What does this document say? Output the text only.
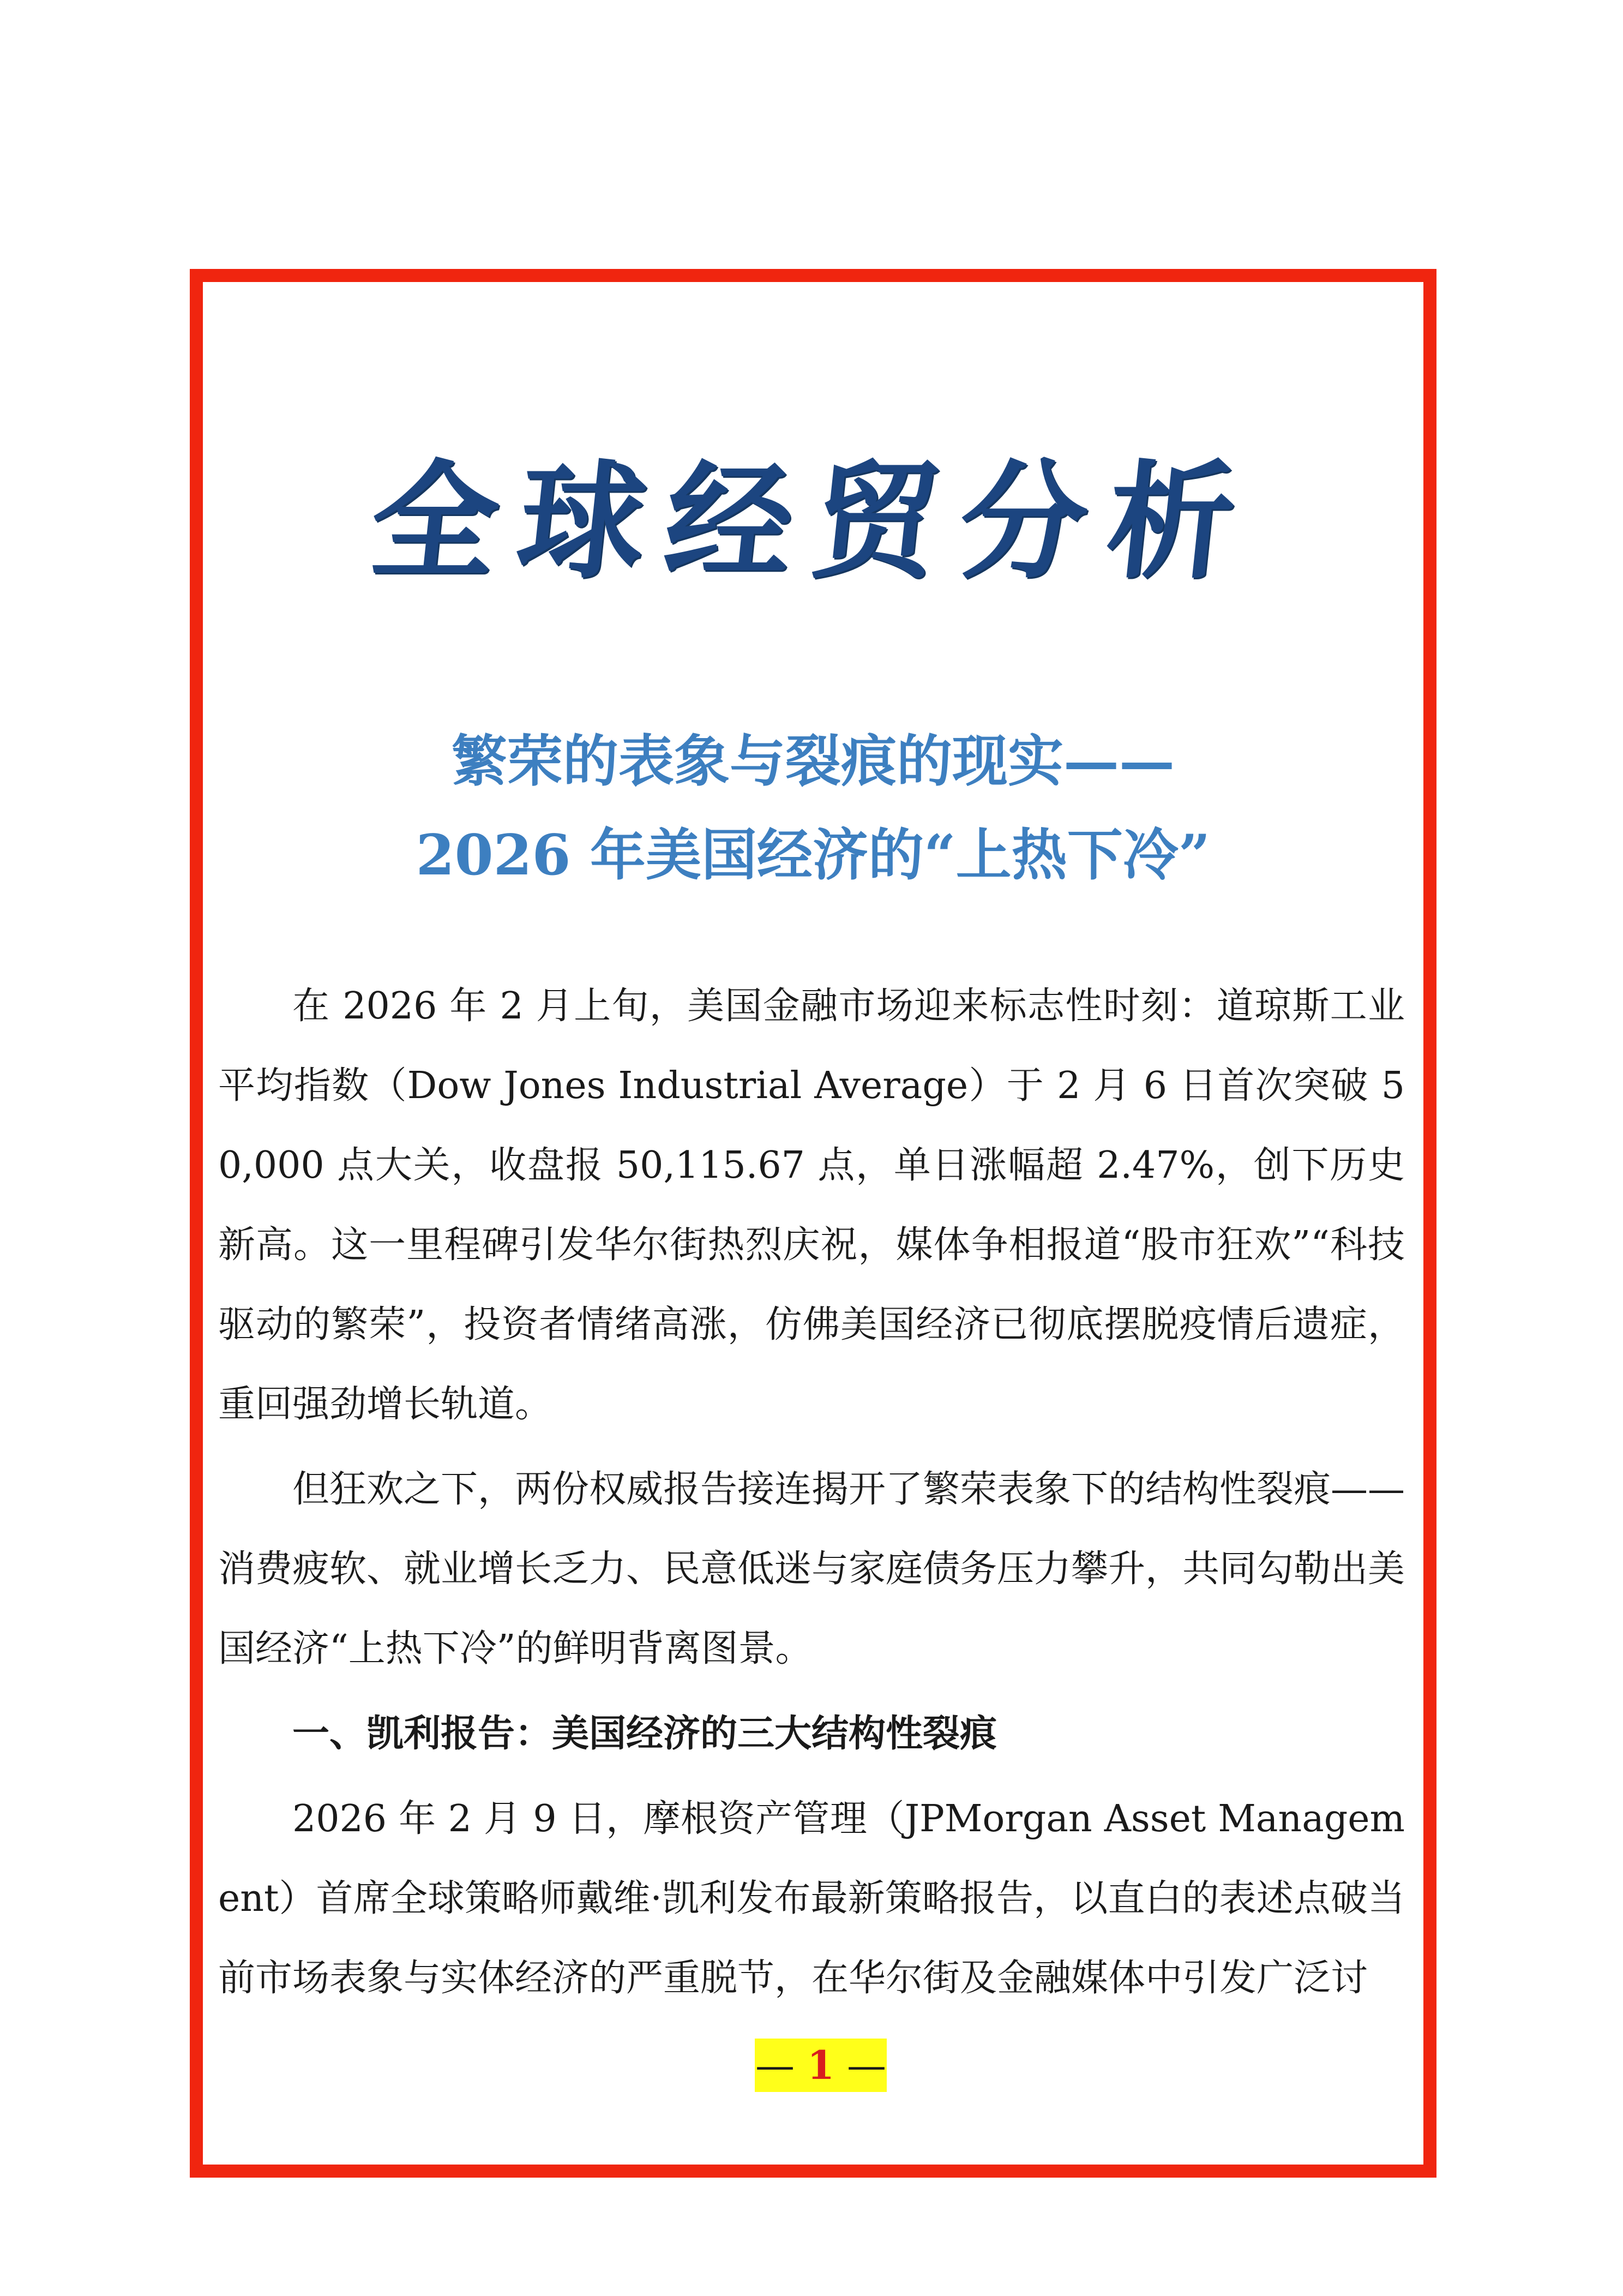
全球经贸分析
繁荣的表象与裂痕的现实——
2026 年美国经济的“上热下冷”

在 2026 年 2 月上旬，美国金融市场迎来标志性时刻：道琼斯工业平均指数（Dow Jones Industrial Average）于 2 月 6 日首次突破 50,000 点大关，收盘报 50,115.67 点，单日涨幅超 2.47%，创下历史新高。这一里程碑引发华尔街热烈庆祝，媒体争相报道“股市狂欢”“科技驱动的繁荣”，投资者情绪高涨，仿佛美国经济已彻底摆脱疫情后遗症，重回强劲增长轨道。

但狂欢之下，两份权威报告接连揭开了繁荣表象下的结构性裂痕——消费疲软、就业增长乏力、民意低迷与家庭债务压力攀升，共同勾勒出美国经济“上热下冷”的鲜明背离图景。

一、凯利报告：美国经济的三大结构性裂痕

2026 年 2 月 9 日，摩根资产管理（JPMorgan Asset Management）首席全球策略师戴维·凯利发布最新策略报告，以直白的表述点破当前市场表象与实体经济的严重脱节，在华尔街及金融媒体中引发广泛讨

— 1 —
